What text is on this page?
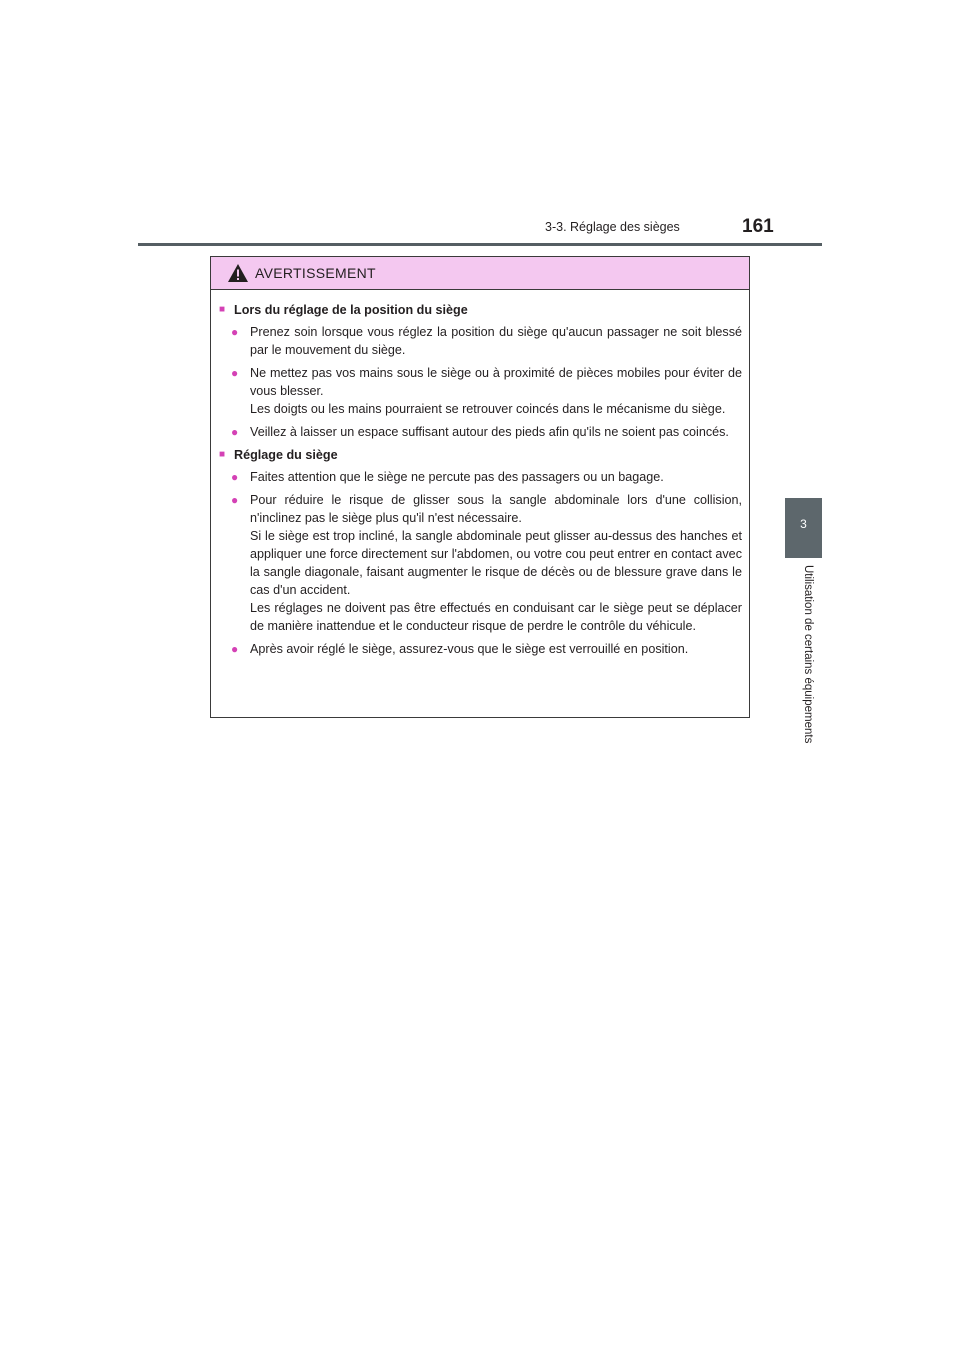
3-3. Réglage des sièges	161
3
Utilisation de certains équipements
AVERTISSEMENT
■ Lors du réglage de la position du siège
● Prenez soin lorsque vous réglez la position du siège qu'aucun passager ne soit blessé par le mouvement du siège.

● Ne mettez pas vos mains sous le siège ou à proximité de pièces mobiles pour éviter de vous blesser.

Les doigts ou les mains pourraient se retrouver coincés dans le mécanisme du siège.

● Veillez à laisser un espace suffisant autour des pieds afin qu'ils ne soient pas coincés.

■ Réglage du siège
● Faites attention que le siège ne percute pas des passagers ou un bagage.

● Pour réduire le risque de glisser sous la sangle abdominale lors d'une collision, n'inclinez pas le siège plus qu'il n'est nécessaire.

Si le siège est trop incliné, la sangle abdominale peut glisser au-dessus des hanches et appliquer une force directement sur l'abdomen, ou votre cou peut entrer en contact avec la sangle diagonale, faisant augmenter le risque de décès ou de blessure grave dans le cas d'un accident.

Les réglages ne doivent pas être effectués en conduisant car le siège peut se déplacer de manière inattendue et le conducteur risque de perdre le contrôle du véhicule.

● Après avoir réglé le siège, assurez-vous que le siège est verrouillé en position.
